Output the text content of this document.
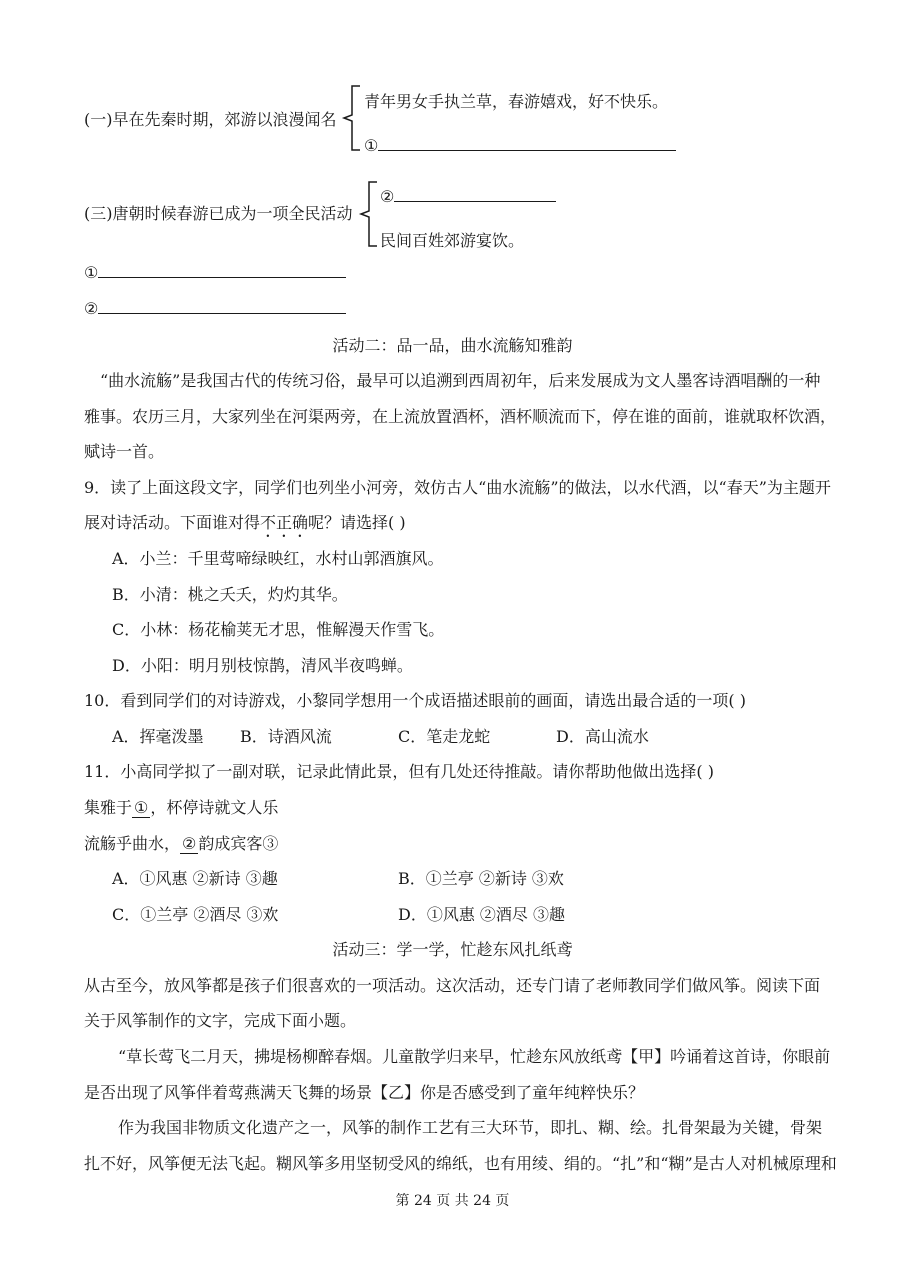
(一)早在先秦时期，郊游以浪漫闻名
青年男女手执兰草，春游嬉戏，好不快乐。
①
(三)唐朝时候春游已成为一项全民活动
②
民间百姓郊游宴饮。
①
②
活动二：品一品，曲水流觞知雅韵
“曲水流觞”是我国古代的传统习俗，最早可以追溯到西周初年，后来发展成为文人墨客诗酒唱酬的一种
雅事。农历三月，大家列坐在河渠两旁，在上流放置酒杯，酒杯顺流而下，停在谁的面前，谁就取杯饮酒，
赋诗一首。
9．读了上面这段文字，同学们也列坐小河旁，效仿古人“曲水流觞”的做法，以水代酒，以“春天”为主题开
展对诗活动。下面谁对得不正确呢？请选择( )
A．小兰：千里莺啼绿映红，水村山郭酒旗风。
B．小清：桃之夭夭，灼灼其华。
C．小林：杨花榆荚无才思，惟解漫天作雪飞。
D．小阳：明月别枝惊鹊，清风半夜鸣蝉。
10．看到同学们的对诗游戏，小黎同学想用一个成语描述眼前的画面，请选出最合适的一项( )
A．挥毫泼墨 B．诗酒风流	C．笔走龙蛇	D．高山流水
11．小高同学拟了一副对联，记录此情此景，但有几处还待推敲。请你帮助他做出选择( )
集雅于 ① ，杯停诗就文人乐
流觞乎曲水， ② 韵成宾客③
A．①风惠 ②新诗 ③趣	B．①兰亭 ②新诗 ③欢
C．①兰亭 ②酒尽 ③欢	D．①风惠 ②酒尽 ③趣
活动三：学一学，忙趁东风扎纸鸢
从古至今，放风筝都是孩子们很喜欢的一项活动。这次活动，还专门请了老师教同学们做风筝。阅读下面
关于风筝制作的文字，完成下面小题。
“草长莺飞二月天，拂堤杨柳醉春烟。儿童散学归来早，忙趁东风放纸鸢【甲】吟诵着这首诗，你眼前
是否出现了风筝伴着莺燕满天飞舞的场景【乙】你是否感受到了童年纯粹快乐？
作为我国非物质文化遗产之一，风筝的制作工艺有三大环节，即扎、糊、绘。扎骨架最为关键，骨架
扎不好，风筝便无法飞起。糊风筝多用坚韧受风的绵纸，也有用绫、绢的。“扎”和“糊”是古人对机械原理和
第 24 页 共 24 页
